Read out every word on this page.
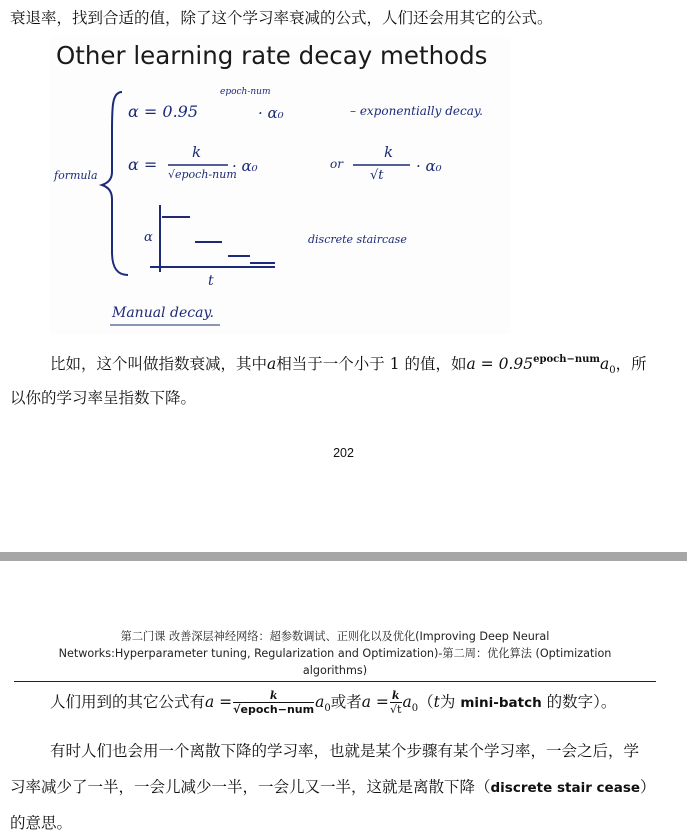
衰退率，找到合适的值，除了这个学习率衰减的公式，人们还会用其它的公式。
Other learning rate decay methods
formula
α = 0.95
epoch-num
· α₀	– exponentially decay.
α =
k
√epoch-num
· α₀	or
k
√t
· α₀
α
t
discrete staircase
Manual decay.
比如，这个叫做指数衰减，其中a相当于一个小于 1 的值，如$a = 0.95^{epoch-num}a_0$，所
以你的学习率呈指数下降。
202
第二门课 改善深层神经网络：超参数调试、正则化以及优化(Improving Deep Neural
Networks:Hyperparameter tuning, Regularization and Optimization)-第二周：优化算法 (Optimization
algorithms)
人们用到的其它公式有$a = \frac{k}{\text{√epoch−num}} a_0$或者$a = \frac{k}{√t} a_0(t$为 mini-batch 的数字）。
有时人们也会用一个离散下降的学习率，也就是某个步骤有某个学习率，一会之后，学
习率减少了一半，一会儿减少一半，一会儿又一半，这就是离散下降（discrete stair cease）
的意思。
